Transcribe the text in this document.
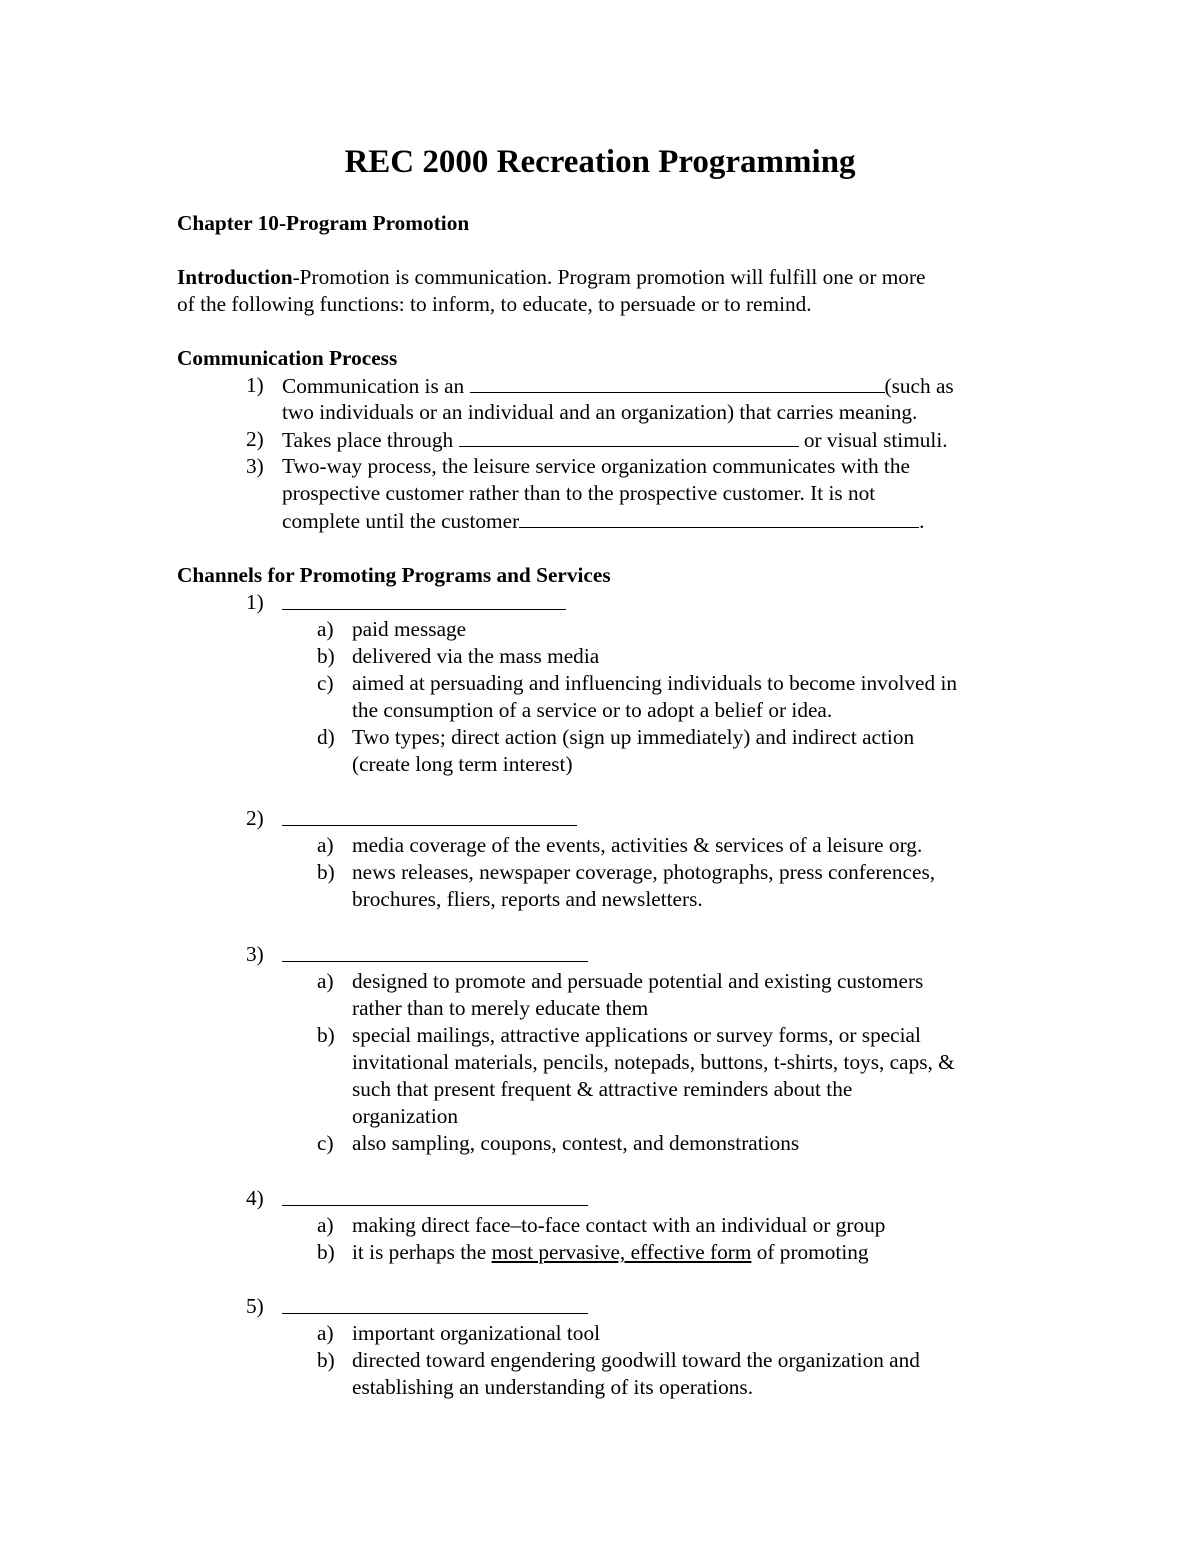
REC 2000 Recreation Programming
Chapter 10-Program Promotion
Introduction-Promotion is communication. Program promotion will fulfill one or more
of the following functions: to inform, to educate, to persuade or to remind.
Communication Process
1) Communication is an	(such as
two individuals or an individual and an organization) that carries meaning.
2) Takes place through	or visual stimuli.
3) Two-way process, the leisure service organization communicates with the
prospective customer rather than to the prospective customer. It is not
complete until the customer	.
Channels for Promoting Programs and Services
1)
a) paid message
b) delivered via the mass media
c) aimed at persuading and influencing individuals to become involved in
the consumption of a service or to adopt a belief or idea.
d) Two types; direct action (sign up immediately) and indirect action
(create long term interest)
2)
a) media coverage of the events, activities & services of a leisure org.
b) news releases, newspaper coverage, photographs, press conferences,
brochures, fliers, reports and newsletters.
3)
a) designed to promote and persuade potential and existing customers
rather than to merely educate them
b) special mailings, attractive applications or survey forms, or special
invitational materials, pencils, notepads, buttons, t-shirts, toys, caps, &
such that present frequent & attractive reminders about the
organization
c) also sampling, coupons, contest, and demonstrations
4)
a) making direct face–to-face contact with an individual or group
b) it is perhaps the most pervasive, effective form of promoting
5)
a) important organizational tool
b) directed toward engendering goodwill toward the organization and
establishing an understanding of its operations.
